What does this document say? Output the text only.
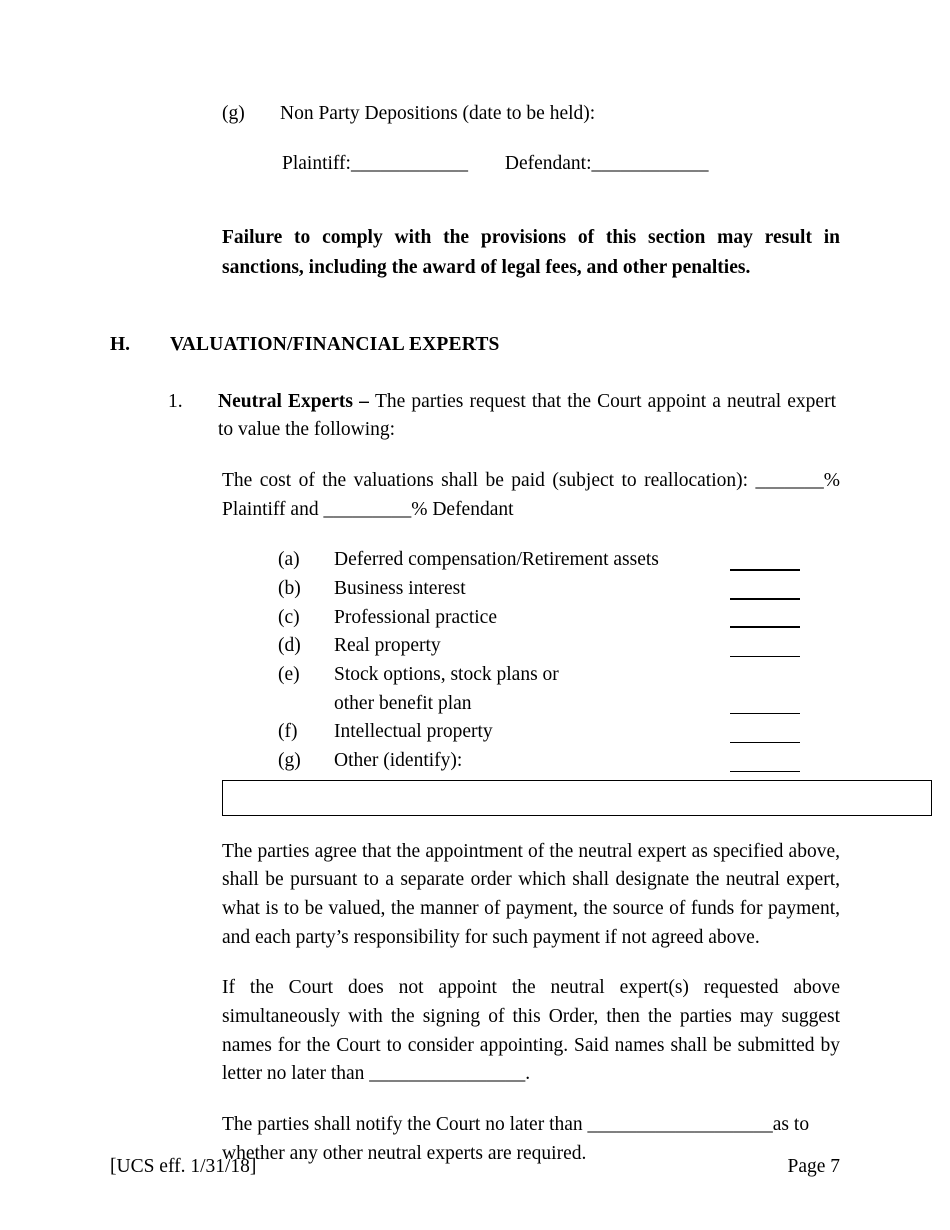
(g)	Non Party Depositions (date to be held):
Plaintiff:____________ Defendant:____________
Failure to comply with the provisions of this section may result in sanctions, including the award of legal fees, and other penalties.
H.	VALUATION/FINANCIAL EXPERTS
1.	Neutral Experts – The parties request that the Court appoint a neutral expert to value the following:
The cost of the valuations shall be paid (subject to reallocation): _______% Plaintiff and _________% Defendant
(a)	Deferred compensation/Retirement assets
(b)	Business interest
(c)	Professional practice
(d)	Real property
(e)	Stock options, stock plans or
other benefit plan
(f)	Intellectual property
(g)	Other (identify):
The parties agree that the appointment of the neutral expert as specified above, shall be pursuant to a separate order which shall designate the neutral expert, what is to be valued, the manner of payment, the source of funds for payment, and each party’s responsibility for such payment if not agreed above.
If the Court does not appoint the neutral expert(s) requested above simultaneously with the signing of this Order, then the parties may suggest names for the Court to consider appointing. Said names shall be submitted by letter no later than ________________.
The parties shall notify the Court no later than ___________________as to whether any other neutral experts are required.
[UCS eff. 1/31/18]	Page 7
